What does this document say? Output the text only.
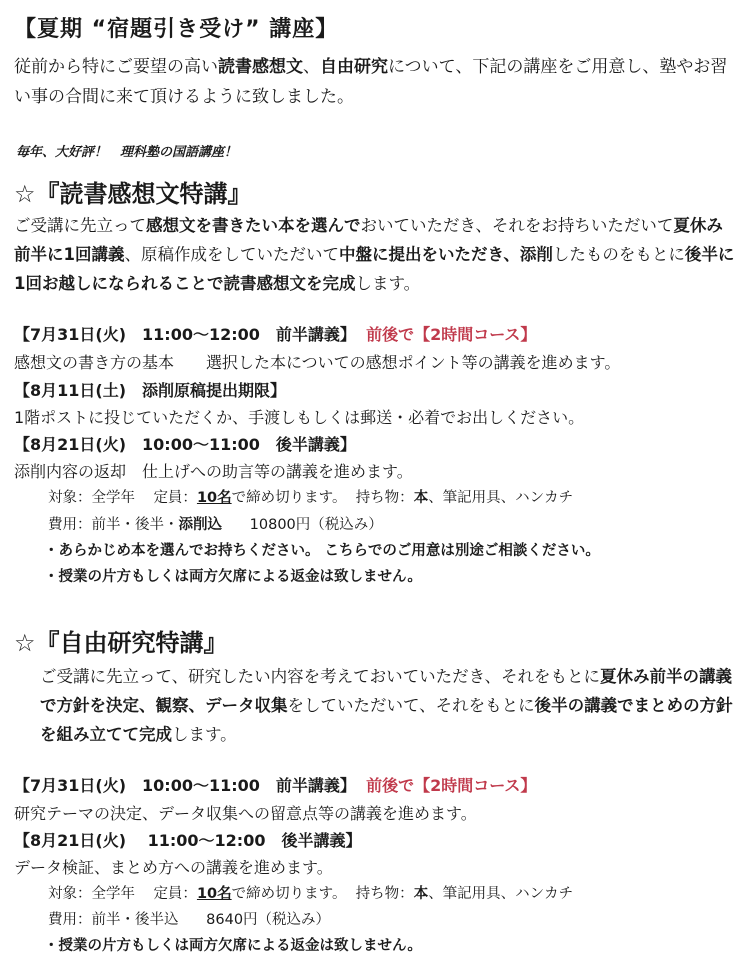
【夏期 “宿題引き受け” 講座】
従前から特にご要望の高い読書感想文、自由研究について、下記の講座をご用意し、塾やお習
い事の合間に来て頂けるように致しました。
毎年、大好評！　理科塾の国語講座！
☆『読書感想文特講』
ご受講に先立って感想文を書きたい本を選んでおいていただき、それをお持ちいただいて夏休み
前半に1回講義、原稿作成をしていただいて中盤に提出をいただき、添削したものをもとに後半に
1回お越しになられることで読書感想文を完成します。
【7月31日(火)　11:00～12:00　前半講義】 前後で【2時間コース】
感想文の書き方の基本　　選択した本についての感想ポイント等の講義を進めます。
【8月11日(土)　添削原稿提出期限】
1階ポストに投じていただくか、手渡しもしくは郵送・必着でお出しください。
【8月21日(火)　10:00～11:00　後半講義】
添削内容の返却　仕上げへの助言等の講義を進めます。
対象：全学年 定員：10名で締め切ります。 持ち物：本、筆記用具、ハンカチ
費用：前半・後半・添削込 10800円（税込み）
・あらかじめ本を選んでお持ちください。 こちらでのご用意は別途ご相談ください。
・授業の片方もしくは両方欠席による返金は致しません。
☆『自由研究特講』
ご受講に先立って、研究したい内容を考えておいていただき、それをもとに夏休み前半の講義
で方針を決定、観察、データ収集をしていただいて、それをもとに後半の講義でまとめの方針
を組み立てて完成します。
【7月31日(火)　10:00～11:00　前半講義】 前後で【2時間コース】
研究テーマの決定、データ収集への留意点等の講義を進めます。
【8月21日(火)　 11:00～12:00　後半講義】
データ検証、まとめ方への講義を進めます。
対象：全学年 定員：10名で締め切ります。 持ち物：本、筆記用具、ハンカチ
費用：前半・後半込 8640円（税込み）
・授業の片方もしくは両方欠席による返金は致しません。
